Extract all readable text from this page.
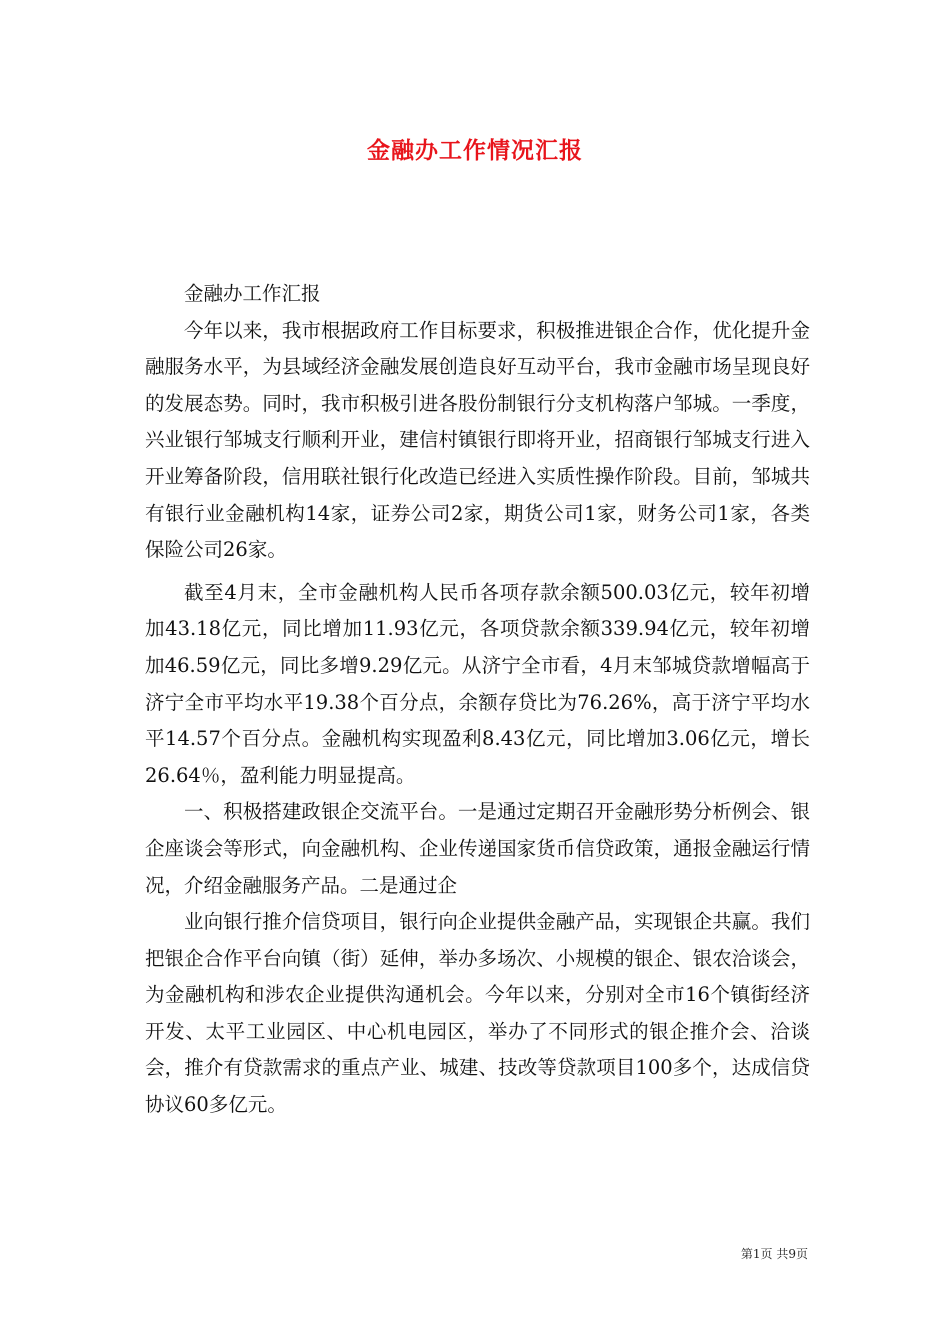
金融办工作情况汇报

金融办工作汇报

今年以来，我市根据政府工作目标要求，积极推进银企合作，优化提升金融服务水平，为县域经济金融发展创造良好互动平台，我市金融市场呈现良好的发展态势。同时，我市积极引进各股份制银行分支机构落户邹城。一季度，兴业银行邹城支行顺利开业，建信村镇银行即将开业，招商银行邹城支行进入开业筹备阶段，信用联社银行化改造已经进入实质性操作阶段。目前，邹城共有银行业金融机构14家，证券公司2家，期货公司1家，财务公司1家，各类保险公司26家。

截至4月末，全市金融机构人民币各项存款余额500.03亿元，较年初增加43.18亿元，同比增加11.93亿元，各项贷款余额339.94亿元，较年初增加46.59亿元，同比多增9.29亿元。从济宁全市看，4月末邹城贷款增幅高于济宁全市平均水平19.38个百分点，余额存贷比为76.26%，高于济宁平均水平14.57个百分点。金融机构实现盈利8.43亿元，同比增加3.06亿元，增长26.64％，盈利能力明显提高。

一、积极搭建政银企交流平台。一是通过定期召开金融形势分析例会、银企座谈会等形式，向金融机构、企业传递国家货币信贷政策，通报金融运行情况，介绍金融服务产品。二是通过企

业向银行推介信贷项目，银行向企业提供金融产品，实现银企共赢。我们把银企合作平台向镇（街）延伸，举办多场次、小规模的银企、银农洽谈会，为金融机构和涉农企业提供沟通机会。今年以来，分别对全市16个镇街经济开发、太平工业园区、中心机电园区，举办了不同形式的银企推介会、洽谈会，推介有贷款需求的重点产业、城建、技改等贷款项目100多个，达成信贷协议60多亿元。

第1页 共9页
